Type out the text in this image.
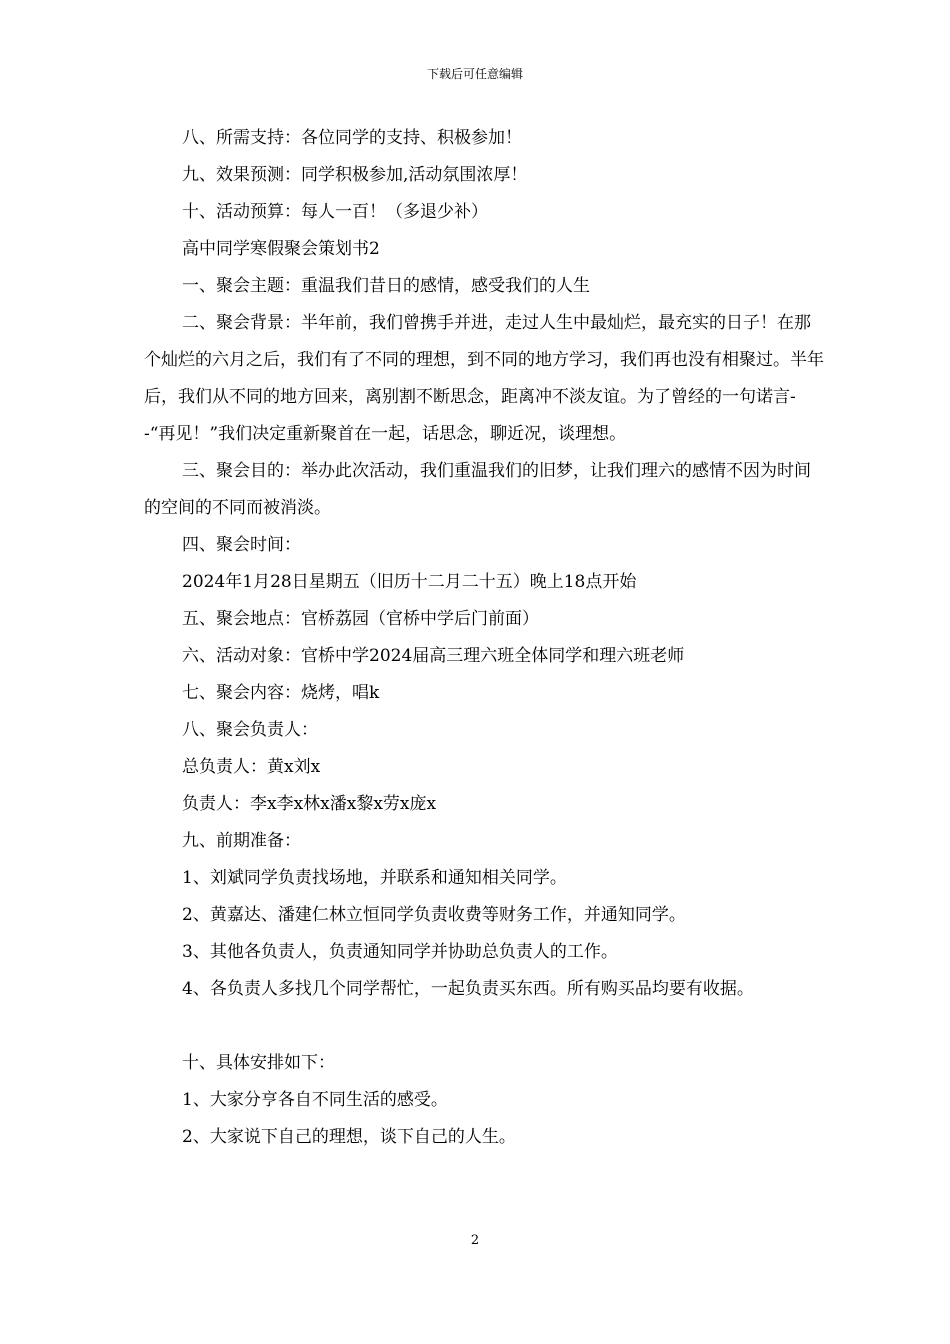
下载后可任意编辑

八、所需支持：各位同学的支持、积极参加！

九、效果预测：同学积极参加,活动氛围浓厚！

十、活动预算：每人一百！（多退少补）

高中同学寒假聚会策划书2

一、聚会主题：重温我们昔日的感情，感受我们的人生

二、聚会背景：半年前，我们曾携手并进，走过人生中最灿烂，最充实的日子！在那个灿烂的六月之后，我们有了不同的理想，到不同的地方学习，我们再也没有相聚过。半年后，我们从不同的地方回来，离别割不断思念，距离冲不淡友谊。为了曾经的一句诺言--“再见！”我们决定重新聚首在一起，话思念，聊近况，谈理想。

三、聚会目的：举办此次活动，我们重温我们的旧梦，让我们理六的感情不因为时间的空间的不同而被消淡。

四、聚会时间：

2024年1月28日星期五（旧历十二月二十五）晚上18点开始

五、聚会地点：官桥荔园（官桥中学后门前面）

六、活动对象：官桥中学2024届高三理六班全体同学和理六班老师

七、聚会内容：烧烤，唱k

八、聚会负责人：

总负责人：黄x刘x

负责人：李x李x林x潘x黎x劳x庞x

九、前期准备：

1、刘斌同学负责找场地，并联系和通知相关同学。

2、黄嘉达、潘建仁林立恒同学负责收费等财务工作，并通知同学。

3、其他各负责人，负责通知同学并协助总负责人的工作。

4、各负责人多找几个同学帮忙，一起负责买东西。所有购买品均要有收据。

十、具体安排如下：

1、大家分亨各自不同生活的感受。

2、大家说下自己的理想，谈下自己的人生。

2
